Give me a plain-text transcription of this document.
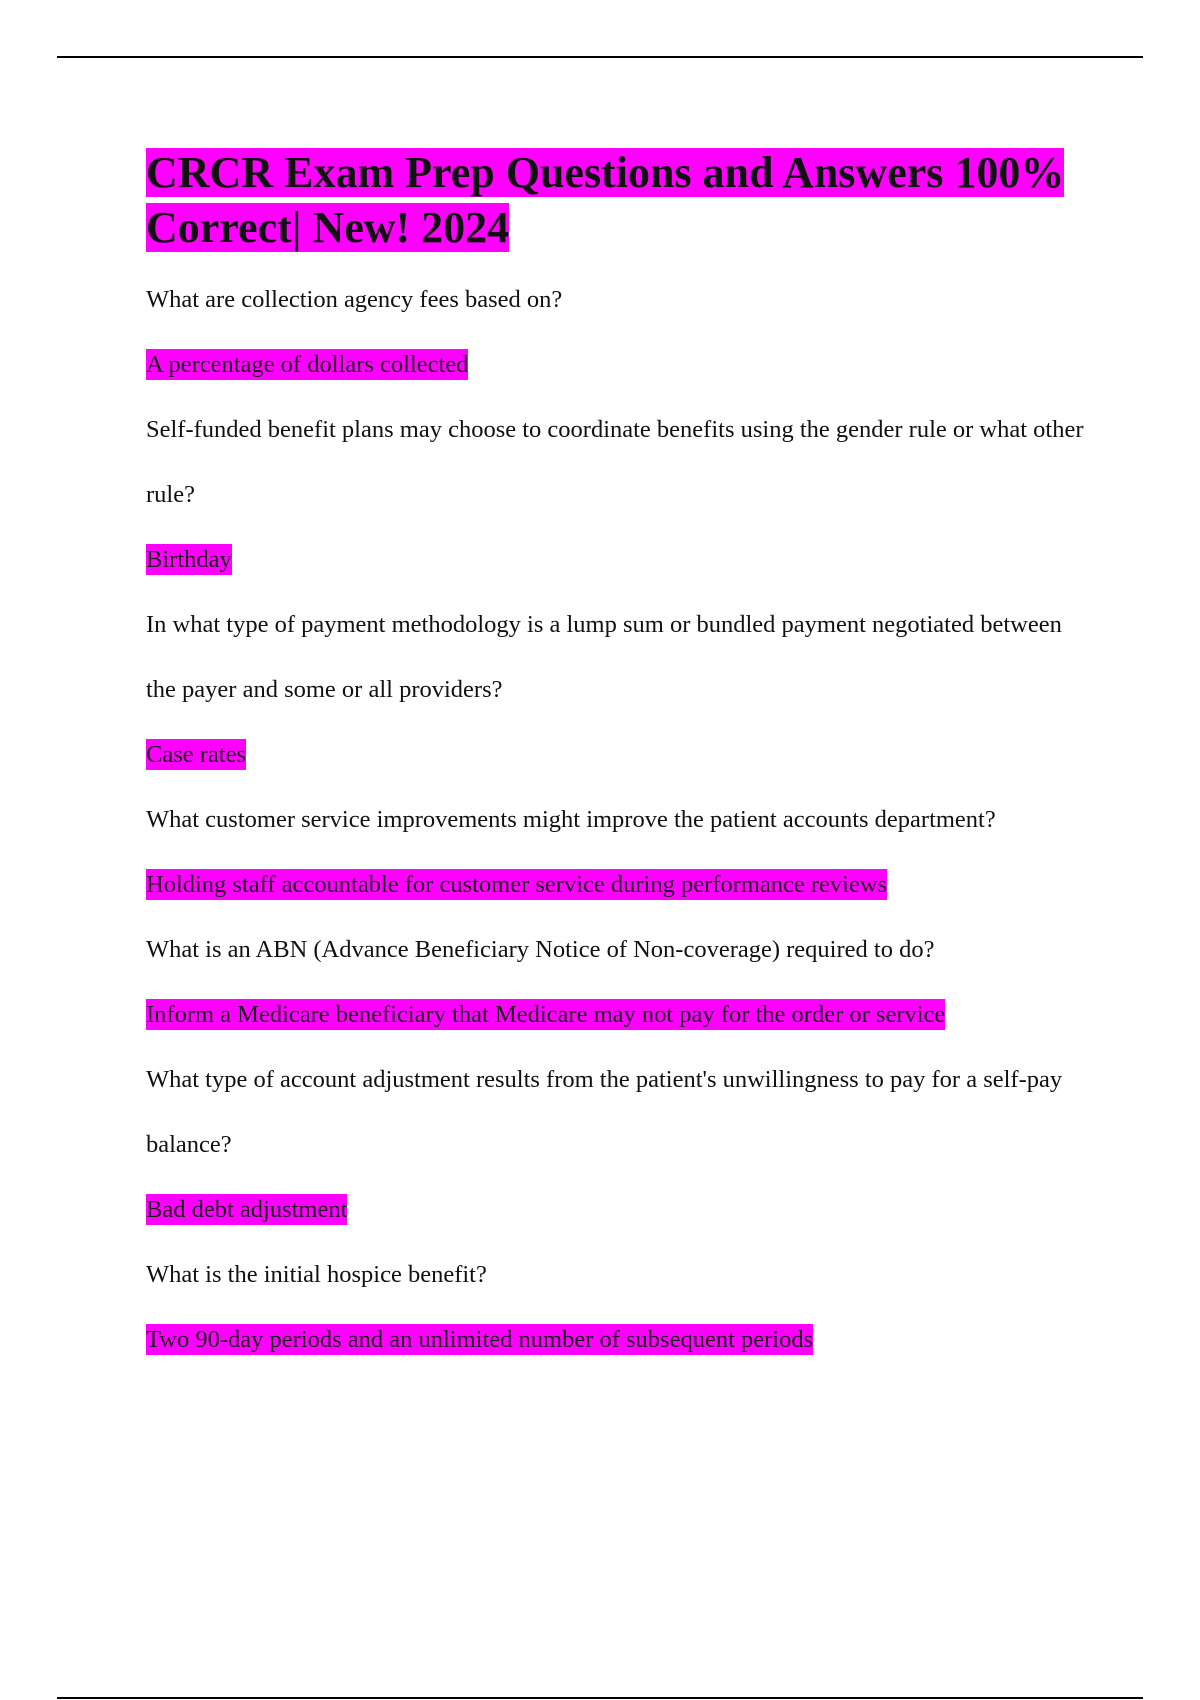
CRCR Exam Prep Questions and Answers 100% Correct| New! 2024

What are collection agency fees based on?

A percentage of dollars collected

Self-funded benefit plans may choose to coordinate benefits using the gender rule or what other rule?

Birthday

In what type of payment methodology is a lump sum or bundled payment negotiated between the payer and some or all providers?

Case rates

What customer service improvements might improve the patient accounts department?

Holding staff accountable for customer service during performance reviews

What is an ABN (Advance Beneficiary Notice of Non-coverage) required to do?

Inform a Medicare beneficiary that Medicare may not pay for the order or service

What type of account adjustment results from the patient's unwillingness to pay for a self-pay balance?

Bad debt adjustment

What is the initial hospice benefit?

Two 90-day periods and an unlimited number of subsequent periods
